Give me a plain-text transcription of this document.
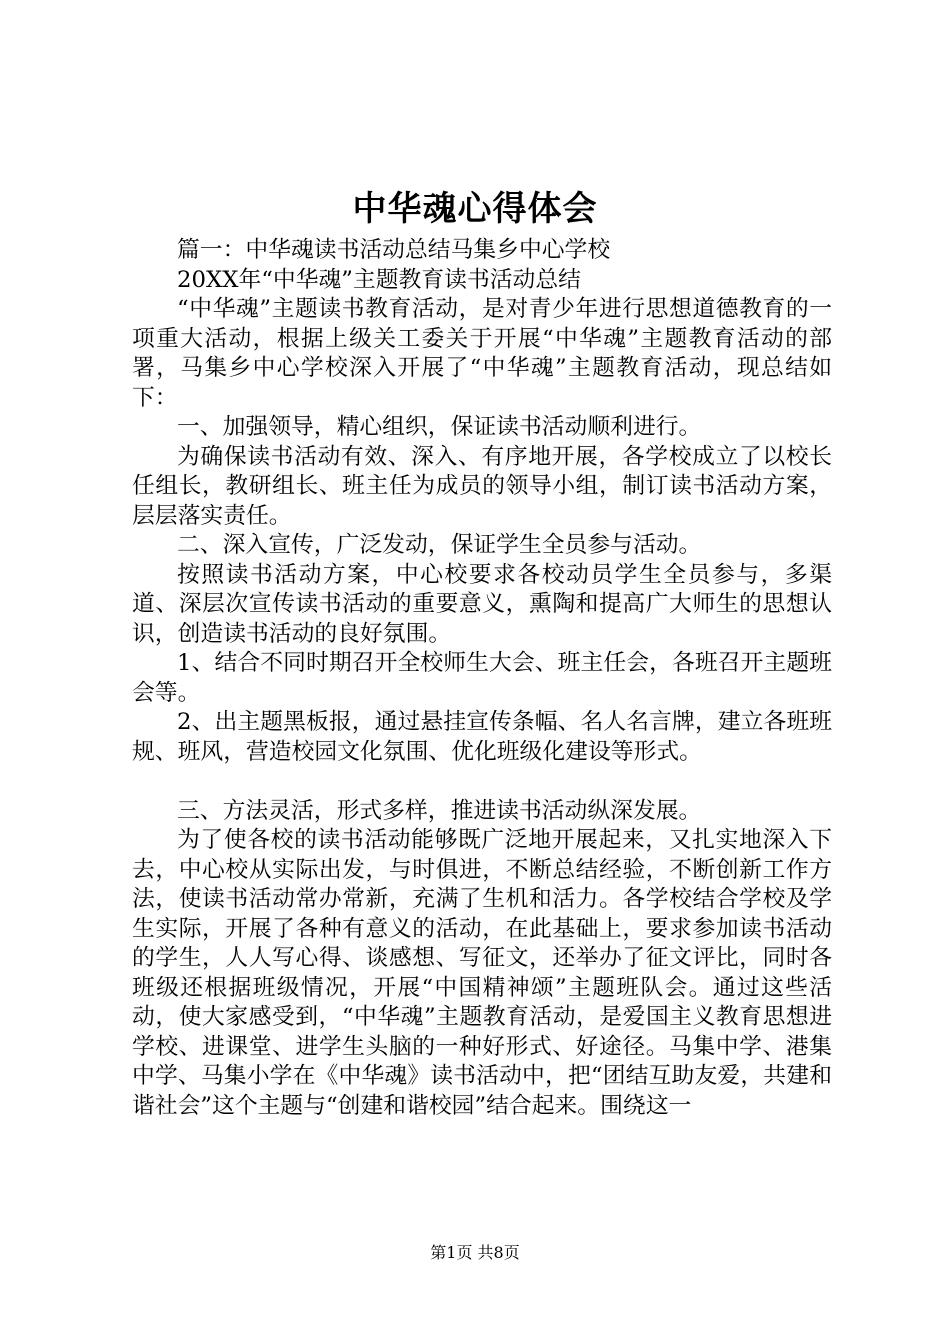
中华魂心得体会

篇一：中华魂读书活动总结马集乡中心学校

20XX年“中华魂”主题教育读书活动总结

“中华魂”主题读书教育活动，是对青少年进行思想道德教育的一项重大活动，根据上级关工委关于开展“中华魂”主题教育活动的部署，马集乡中心学校深入开展了“中华魂”主题教育活动，现总结如下：

一、加强领导，精心组织，保证读书活动顺利进行。

为确保读书活动有效、深入、有序地开展，各学校成立了以校长任组长，教研组长、班主任为成员的领导小组，制订读书活动方案，层层落实责任。

二、深入宣传，广泛发动，保证学生全员参与活动。

按照读书活动方案，中心校要求各校动员学生全员参与，多渠道、深层次宣传读书活动的重要意义，熏陶和提高广大师生的思想认识，创造读书活动的良好氛围。

1、结合不同时期召开全校师生大会、班主任会，各班召开主题班会等。

2、出主题黑板报，通过悬挂宣传条幅、名人名言牌，建立各班班规、班风，营造校园文化氛围、优化班级化建设等形式。

三、方法灵活，形式多样，推进读书活动纵深发展。

为了使各校的读书活动能够既广泛地开展起来，又扎实地深入下去，中心校从实际出发，与时俱进，不断总结经验，不断创新工作方法，使读书活动常办常新，充满了生机和活力。各学校结合学校及学生实际，开展了各种有意义的活动，在此基础上，要求参加读书活动的学生，人人写心得、谈感想、写征文，还举办了征文评比，同时各班级还根据班级情况，开展“中国精神颂”主题班队会。通过这些活动，使大家感受到，“中华魂”主题教育活动，是爱国主义教育思想进学校、进课堂、进学生头脑的一种好形式、好途径。马集中学、港集中学、马集小学在《中华魂》读书活动中，把“团结互助友爱，共建和谐社会”这个主题与“创建和谐校园”结合起来。围绕这一

第1页 共8页
